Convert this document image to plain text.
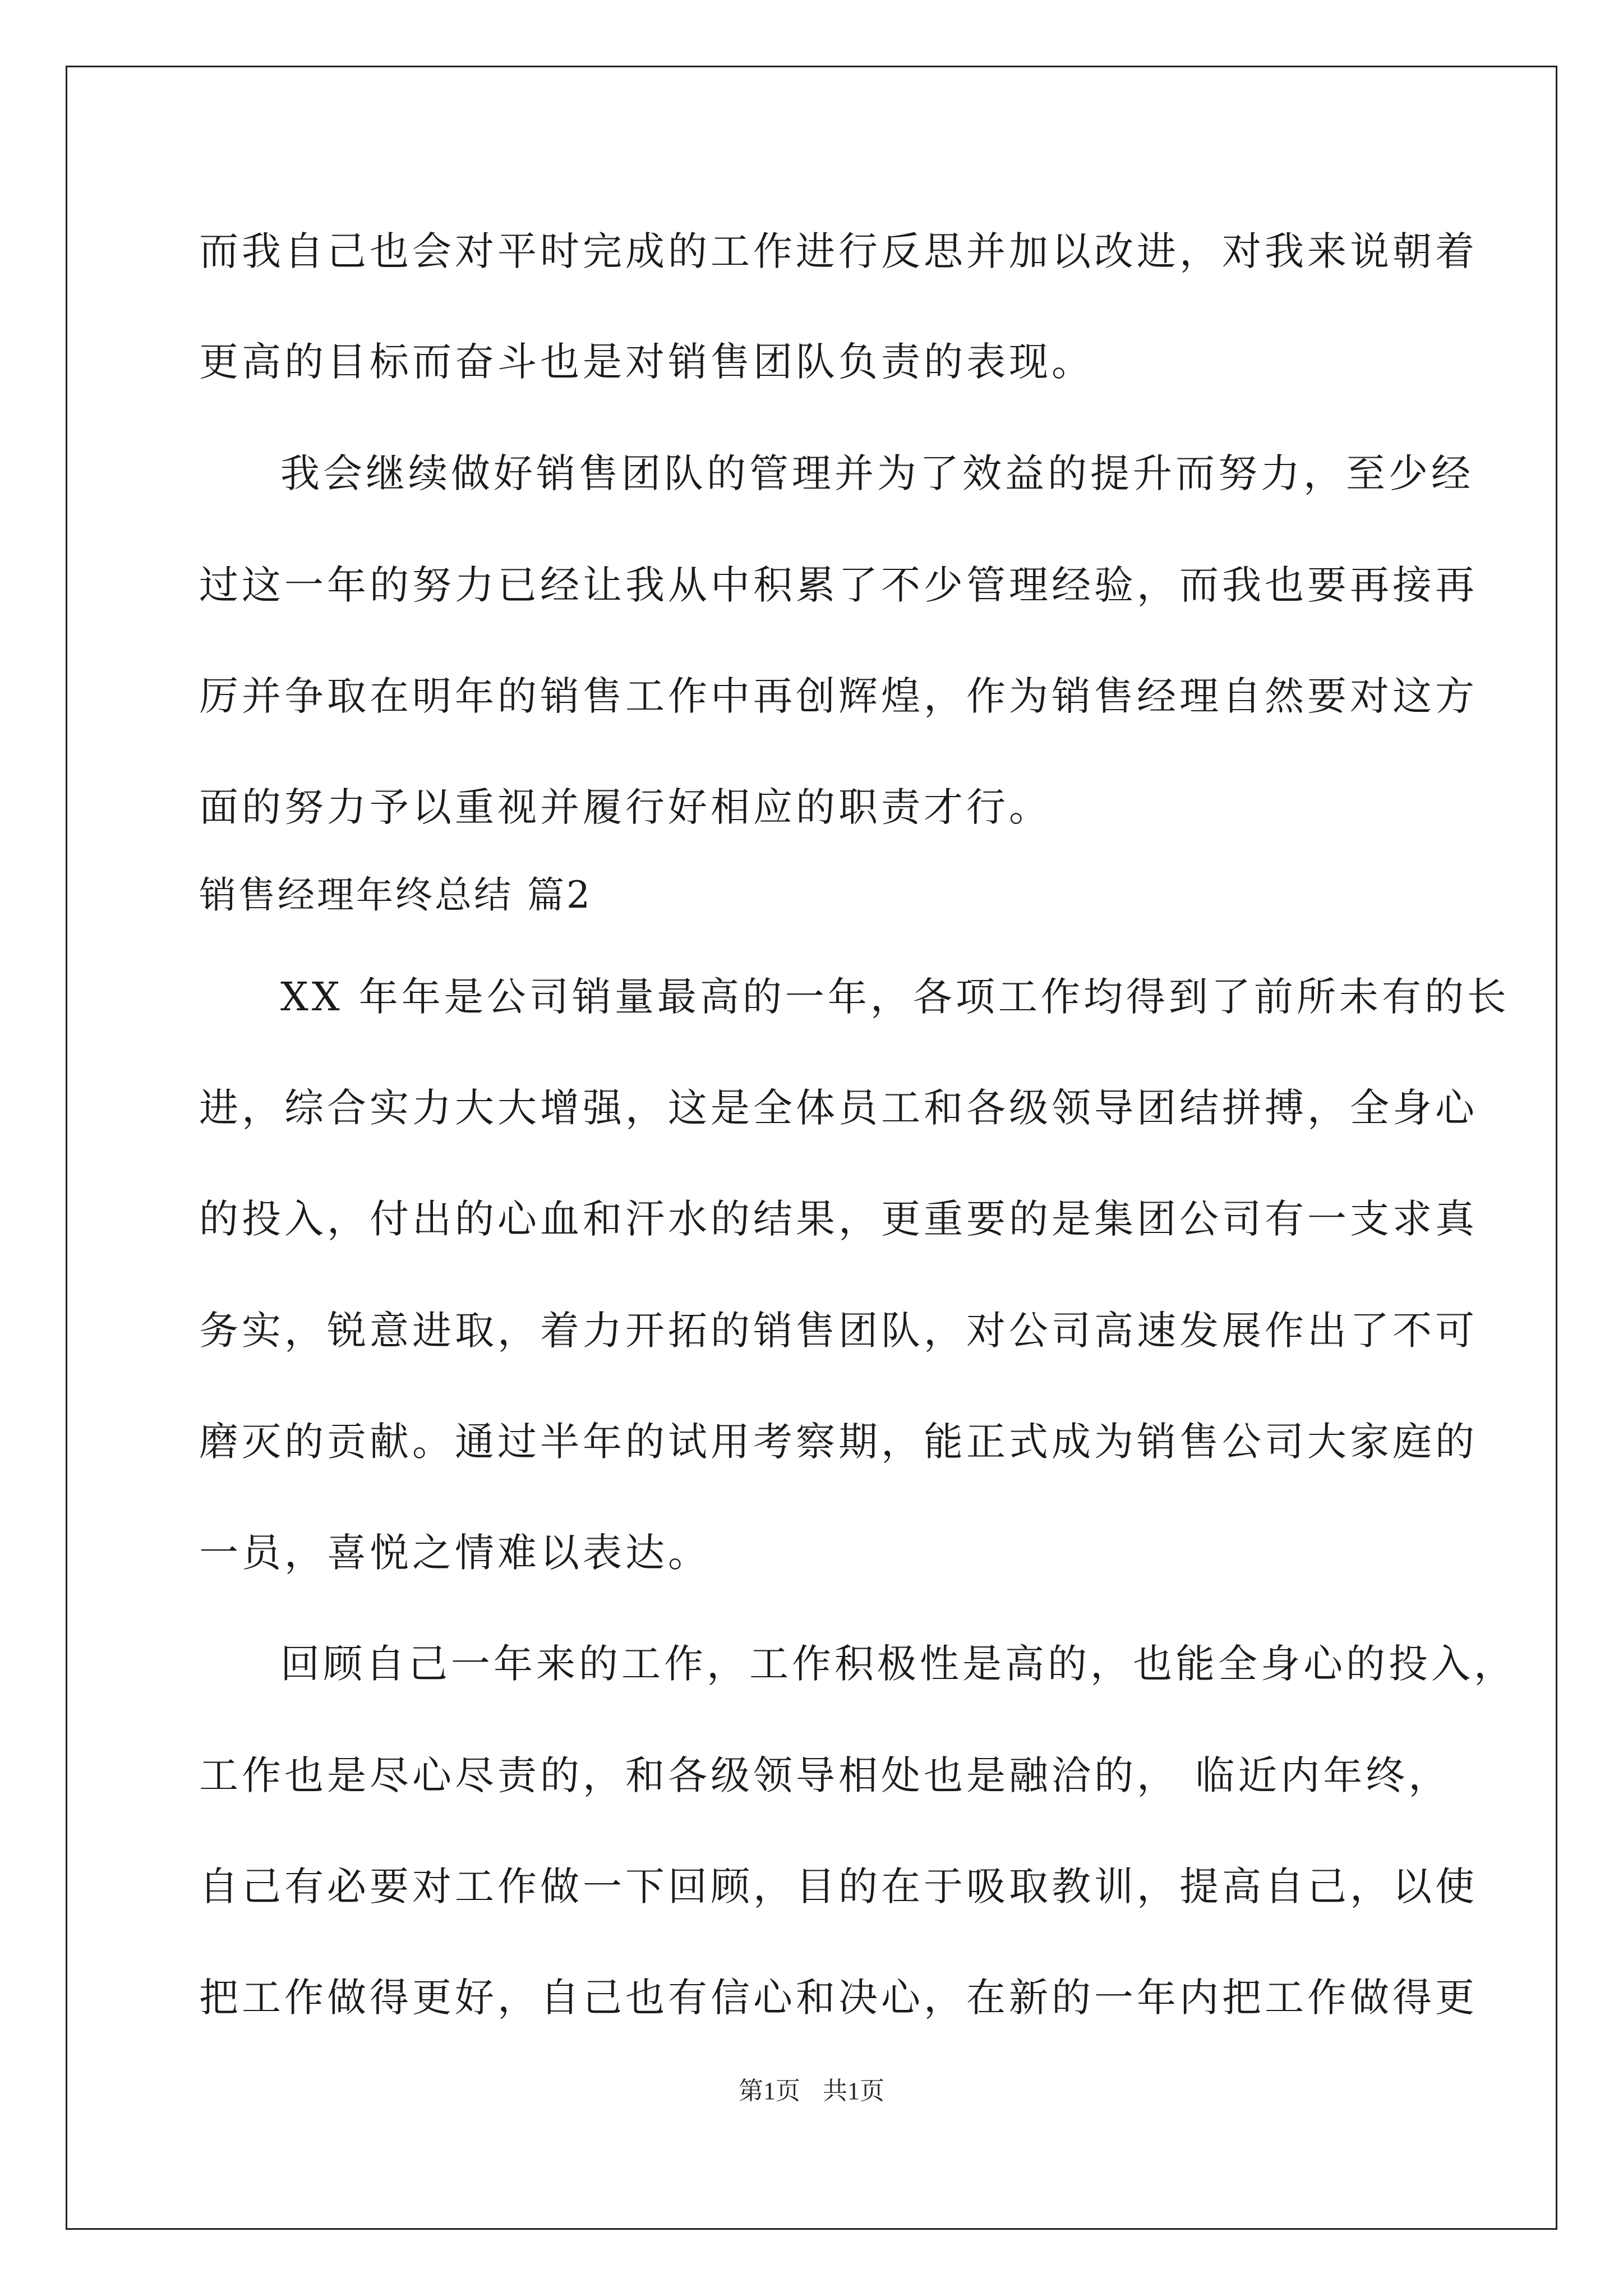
而我自己也会对平时完成的工作进行反思并加以改进，对我来说朝着
更高的目标而奋斗也是对销售团队负责的表现。
我会继续做好销售团队的管理并为了效益的提升而努力，至少经
过这一年的努力已经让我从中积累了不少管理经验，而我也要再接再
厉并争取在明年的销售工作中再创辉煌，作为销售经理自然要对这方
面的努力予以重视并履行好相应的职责才行。
销售经理年终总结 篇2
XX 年年是公司销量最高的一年，各项工作均得到了前所未有的长
进，综合实力大大增强，这是全体员工和各级领导团结拼搏，全身心
的投入，付出的心血和汗水的结果，更重要的是集团公司有一支求真
务实，锐意进取，着力开拓的销售团队，对公司高速发展作出了不可
磨灭的贡献。通过半年的试用考察期，能正式成为销售公司大家庭的
一员，喜悦之情难以表达。
回顾自己一年来的工作，工作积极性是高的，也能全身心的投入，
工作也是尽心尽责的，和各级领导相处也是融洽的， 临近内年终，
自己有必要对工作做一下回顾，目的在于吸取教训，提高自己，以使
把工作做得更好，自己也有信心和决心，在新的一年内把工作做得更
第1页 共1页
